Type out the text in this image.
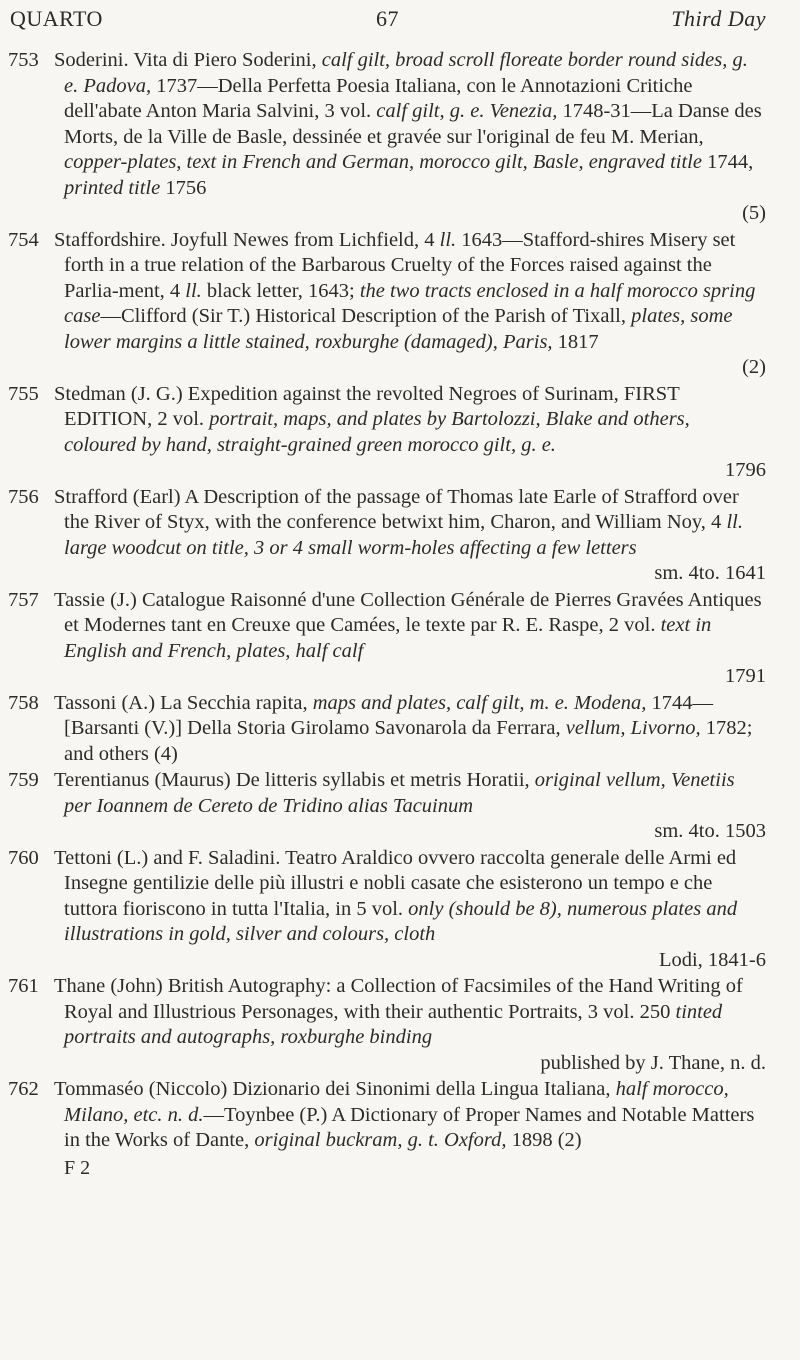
QUARTO	67	Third Day
753 Soderini. Vita di Piero Soderini, calf gilt, broad scroll floreate border round sides, g. e. Padova, 1737—Della Perfetta Poesia Italiana, con le Annotazioni Critiche dell'abate Anton Maria Salvini, 3 vol. calf gilt, g. e. Venezia, 1748-31—La Danse des Morts, de la Ville de Basle, dessinée et gravée sur l'original de feu M. Merian, copper-plates, text in French and German, morocco gilt, Basle, engraved title 1744, printed title 1756
(5)
754 Staffordshire. Joyfull Newes from Lichfield, 4 ll. 1643—Stafford-shires Misery set forth in a true relation of the Barbarous Cruelty of the Forces raised against the Parlia-ment, 4 ll. black letter, 1643; the two tracts enclosed in a half morocco spring case—Clifford (Sir T.) Historical Description of the Parish of Tixall, plates, some lower margins a little stained, roxburghe (damaged), Paris, 1817
(2)
755 Stedman (J. G.) Expedition against the revolted Negroes of Surinam, FIRST EDITION, 2 vol. portrait, maps, and plates by Bartolozzi, Blake and others, coloured by hand, straight-grained green morocco gilt, g. e.
1796
756 Strafford (Earl) A Description of the passage of Thomas late Earle of Strafford over the River of Styx, with the conference betwixt him, Charon, and William Noy, 4 ll. large woodcut on title, 3 or 4 small worm-holes affecting a few letters
sm. 4to. 1641
757 Tassie (J.) Catalogue Raisonné d'une Collection Générale de Pierres Gravées Antiques et Modernes tant en Creuxe que Camées, le texte par R. E. Raspe, 2 vol. text in English and French, plates, half calf
1791
758 Tassoni (A.) La Secchia rapita, maps and plates, calf gilt, m. e. Modena, 1744—[Barsanti (V.)] Della Storia Girolamo Savonarola da Ferrara, vellum, Livorno, 1782; and others (4)
759 Terentianus (Maurus) De litteris syllabis et metris Horatii, original vellum, Venetiis per Ioannem de Cereto de Tridino alias Tacuinum
sm. 4to. 1503
760 Tettoni (L.) and F. Saladini. Teatro Araldico ovvero raccolta generale delle Armi ed Insegne gentilizie delle più illustri e nobli casate che esisterono un tempo e che tuttora fioriscono in tutta l'Italia, in 5 vol. only (should be 8), numerous plates and illustrations in gold, silver and colours, cloth
Lodi, 1841-6
761 Thane (John) British Autography: a Collection of Facsimiles of the Hand Writing of Royal and Illustrious Personages, with their authentic Portraits, 3 vol. 250 tinted portraits and autographs, roxburghe binding
published by J. Thane, n. d.
762 Tommaséo (Niccolo) Dizionario dei Sinonimi della Lingua Italiana, half morocco, Milano, etc. n. d.—Toynbee (P.) A Dictionary of Proper Names and Notable Matters in the Works of Dante, original buckram, g. t. Oxford, 1898 (2)
F 2
